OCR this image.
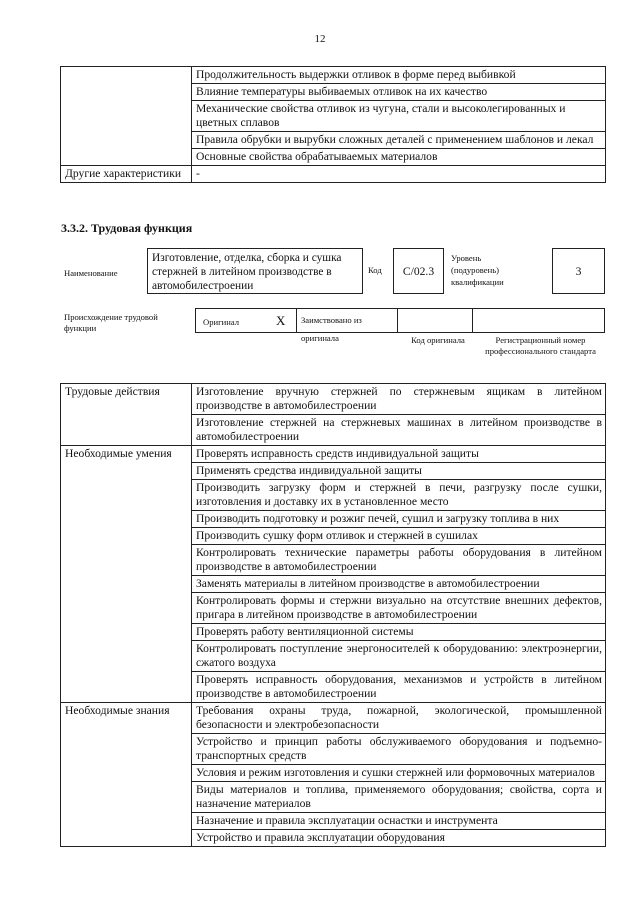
12
	Продолжительность выдержки отливок в форме перед выбивкой
	Влияние температуры выбиваемых отливок на их качество
	Механические свойства отливок из чугуна, стали и высоколегированных и цветных сплавов
	Правила обрубки и вырубки сложных деталей с применением шаблонов и лекал
	Основные свойства обрабатываемых материалов
Другие характеристики	-
3.3.2. Трудовая функция
Наименование
Изготовление, отделка, сборка и сушка стержней в литейном производстве в автомобилестроении
Код	C/02.3
Уровень (подуровень) квалификации
3
Происхождение трудовой функции
Оригинал	X	Заимствовано из оригинала	Код оригинала	Регистрационный номер профессионального стандарта
Трудовые действия	Изготовление вручную стержней по стержневым ящикам в литейном производстве в автомобилестроении
	Изготовление стержней на стержневых машинах в литейном производстве в автомобилестроении
Необходимые умения	Проверять исправность средств индивидуальной защиты
	Применять средства индивидуальной защиты
	Производить загрузку форм и стержней в печи, разгрузку после сушки, изготовления и доставку их в установленное место
	Производить подготовку и розжиг печей, сушил и загрузку топлива в них
	Производить сушку форм отливок и стержней в сушилах
	Контролировать технические параметры работы оборудования в литейном производстве в автомобилестроении
	Заменять материалы в литейном производстве в автомобилестроении
	Контролировать формы и стержни визуально на отсутствие внешних дефектов, пригара в литейном производстве в автомобилестроении
	Проверять работу вентиляционной системы
	Контролировать поступление энергоносителей к оборудованию: электроэнергии, сжатого воздуха
	Проверять исправность оборудования, механизмов и устройств в литейном производстве в автомобилестроении
Необходимые знания	Требования охраны труда, пожарной, экологической, промышленной безопасности и электробезопасности
	Устройство и принцип работы обслуживаемого оборудования и подъемно-транспортных средств
	Условия и режим изготовления и сушки стержней или формовочных материалов
	Виды материалов и топлива, применяемого оборудования; свойства, сорта и назначение материалов
	Назначение и правила эксплуатации оснастки и инструмента
	Устройство и правила эксплуатации оборудования
